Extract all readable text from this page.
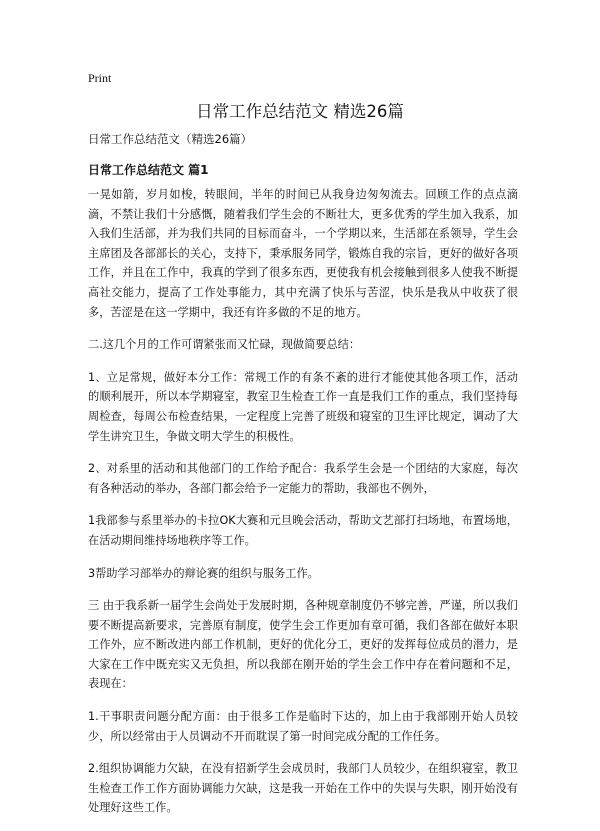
Print
日常工作总结范文 精选26篇
日常工作总结范文（精选26篇）
日常工作总结范文 篇1

一晃如箭，岁月如梭，转眼间，半年的时间已从我身边匆匆流去。回顾工作的点点滴滴，不禁让我们十分感慨，随着我们学生会的不断壮大，更多优秀的学生加入我系，加入我们生活部，并为我们共同的目标而奋斗，一个学期以来，生活部在系领导，学生会主席团及各部部长的关心，支持下，秉承服务同学，锻炼自我的宗旨，更好的做好各项工作，并且在工作中，我真的学到了很多东西，更使我有机会接触到很多人使我不断提高社交能力，提高了工作处事能力，其中充满了快乐与苦涩，快乐是我从中收获了很多，苦涩是在这一学期中，我还有许多做的不足的地方。

二.这几个月的工作可谓紧张而又忙碌，现做简要总结：

1、立足常规，做好本分工作：常规工作的有条不紊的进行才能使其他各项工作，活动的顺利展开，所以本学期寝室，教室卫生检查工作一直是我们工作的重点，我们坚持每周检查，每周公布检查结果，一定程度上完善了班级和寝室的卫生评比规定，调动了大学生讲究卫生，争做文明大学生的积极性。

2、对系里的活动和其他部门的工作给予配合：我系学生会是一个团结的大家庭，每次有各种活动的举办，各部门都会给予一定能力的帮助，我部也不例外，

1我部参与系里举办的卡拉OK大赛和元旦晚会活动，帮助文艺部打扫场地，布置场地，在活动期间维持场地秩序等工作。

3帮助学习部举办的辩论赛的组织与服务工作。

三 由于我系新一届学生会尚处于发展时期，各种规章制度仍不够完善，严谨，所以我们要不断提高新要求，完善原有制度，使学生会工作更加有章可循，我们各部在做好本职工作外，应不断改进内部工作机制，更好的优化分工，更好的发挥每位成员的潜力，是大家在工作中既充实又无负担，所以我部在刚开始的学生会工作中存在着问题和不足，表现在：

1.干事职责问题分配方面：由于很多工作是临时下达的，加上由于我部刚开始人员较少，所以经常由于人员调动不开而耽误了第一时间完成分配的工作任务。

2.组织协调能力欠缺，在没有招新学生会成员时，我部门人员较少，在组织寝室，教卫生检查工作工作方面协调能力欠缺，这是我一开始在工作中的失误与失职，刚开始没有处理好这些工作。
